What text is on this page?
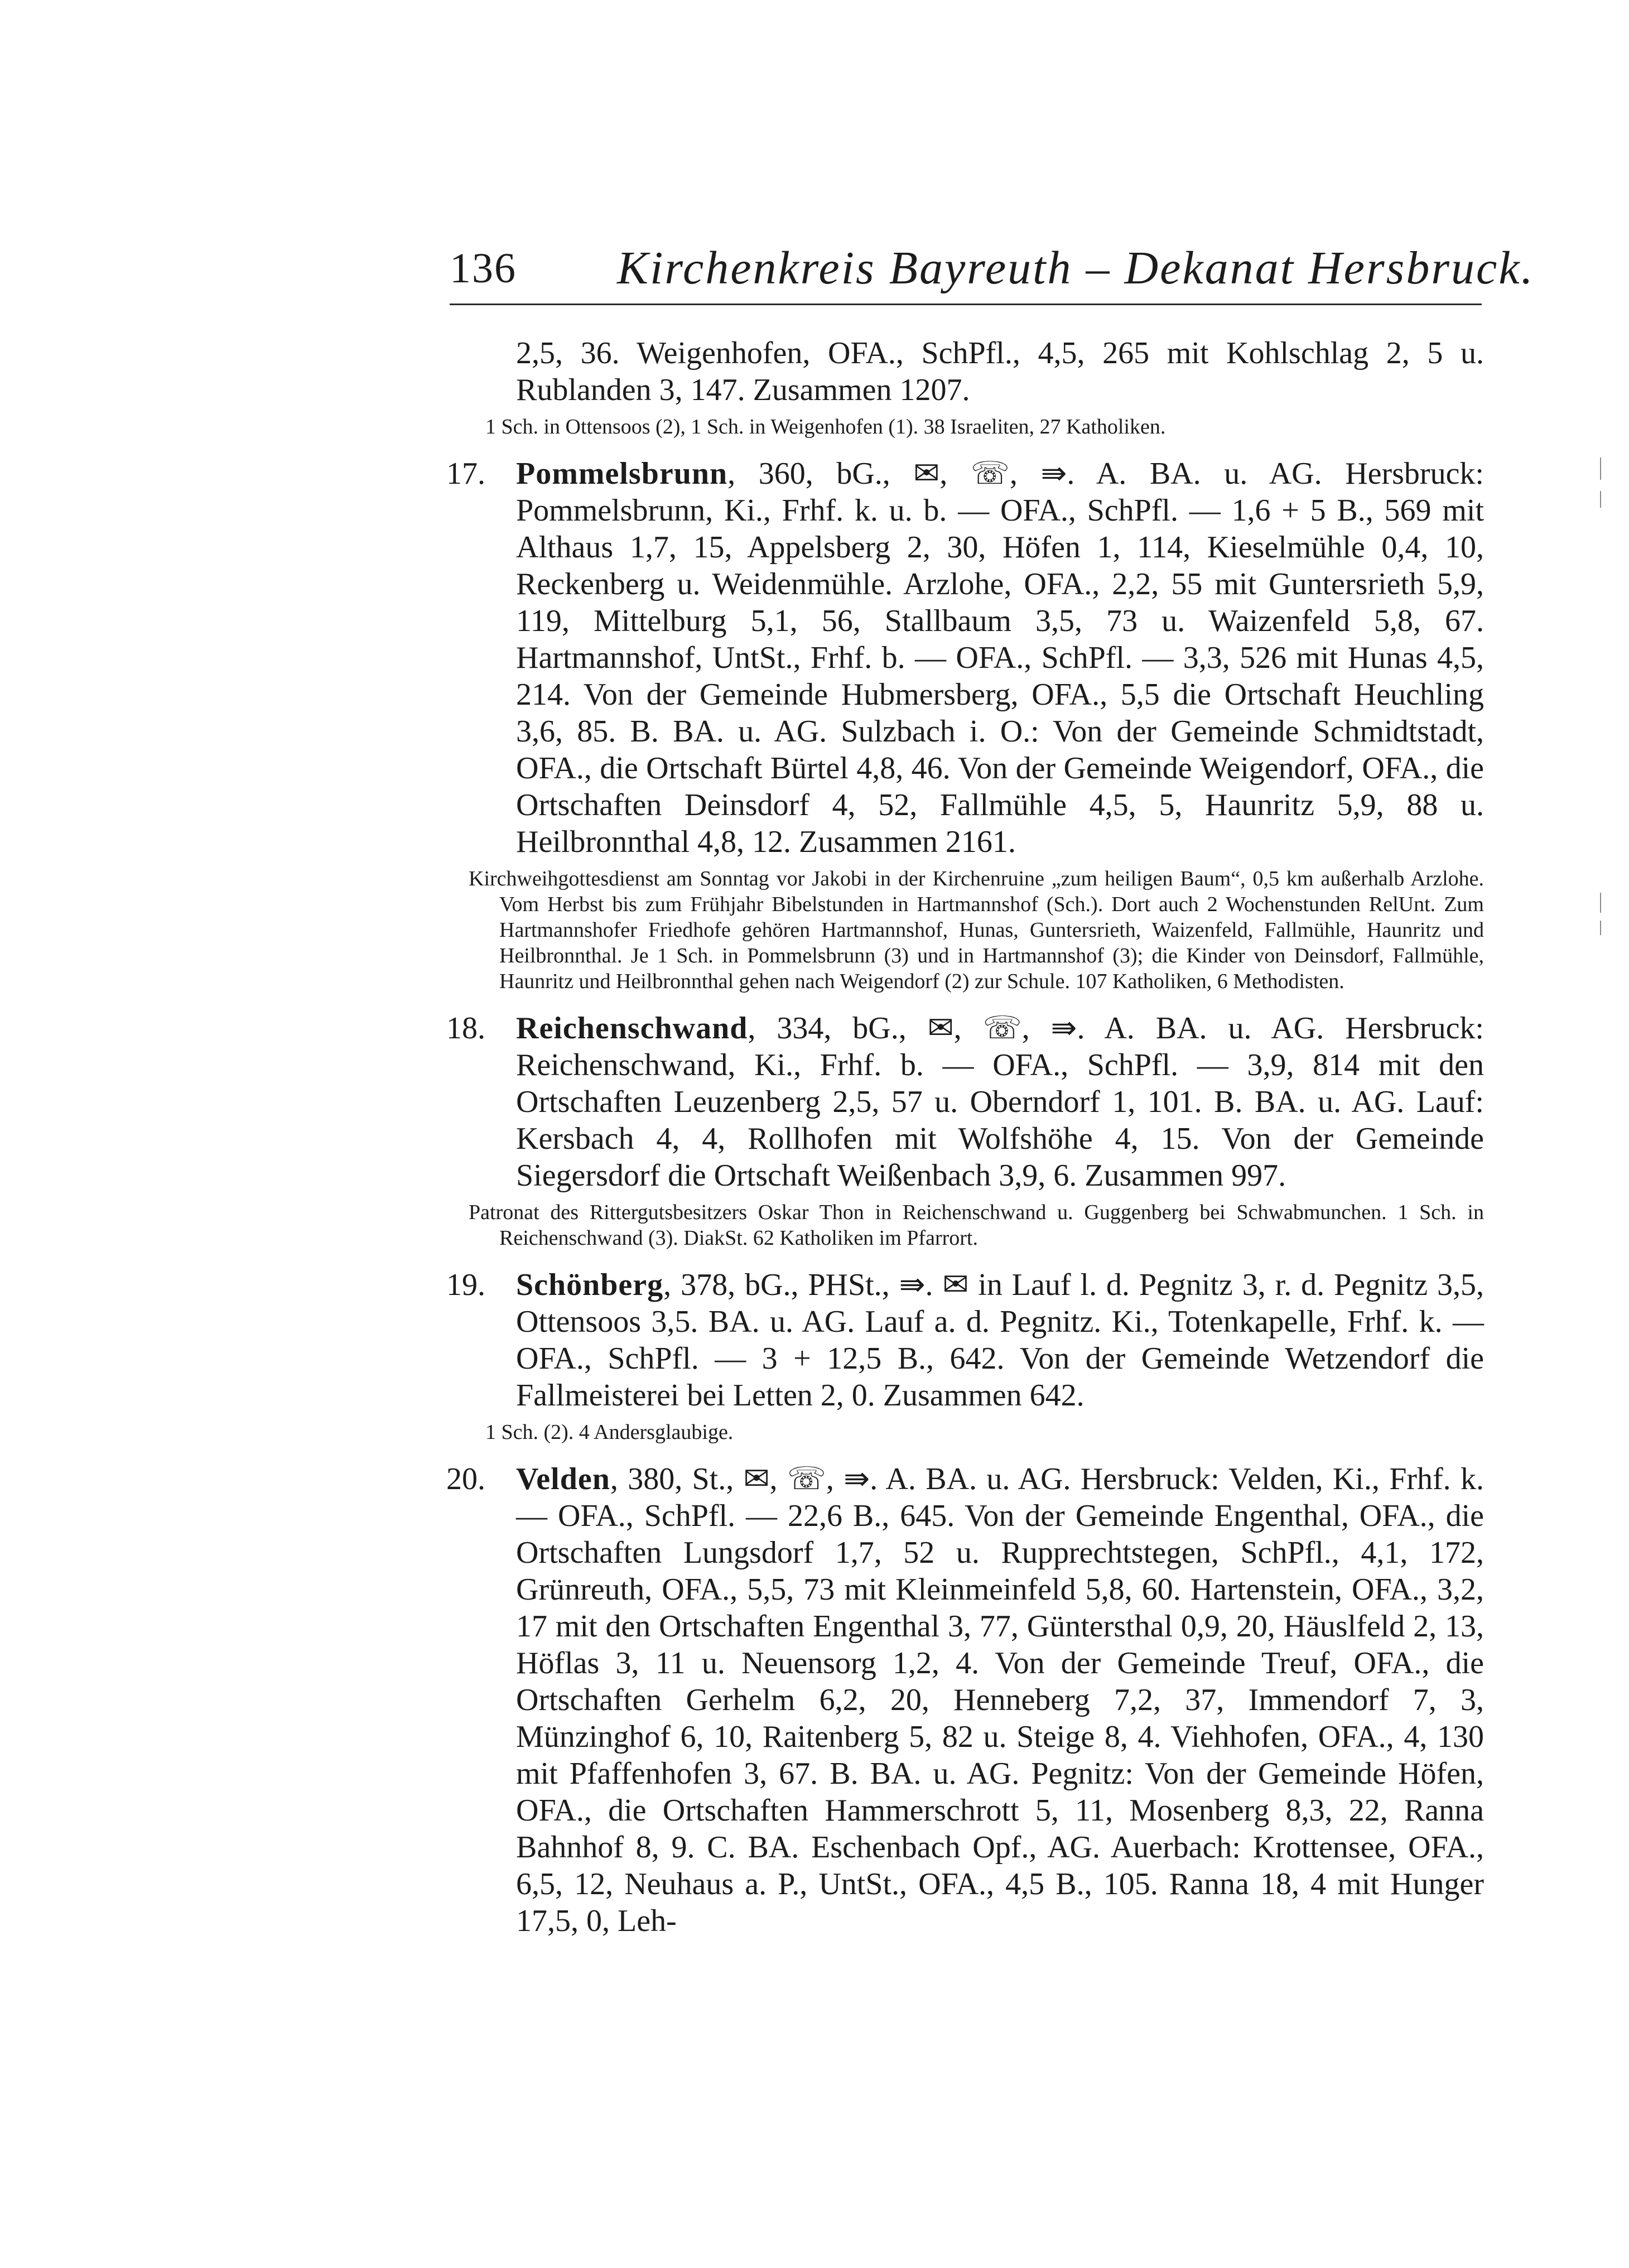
136 Kirchenkreis Bayreuth – Dekanat Hersbruck.

2,5, 36. Weigenhofen, OFA., SchPfl., 4,5, 265 mit Kohlschlag 2, 5 u. Rublanden 3, 147. Zusammen 1207.

1 Sch. in Ottensoos (2), 1 Sch. in Weigenhofen (1). 38 Israeliten, 27 Katholiken.

17. Pommelsbrunn, 360, bG., ✉, ☏, ⇛. A. BA. u. AG. Hersbruck: Pommelsbrunn, Ki., Frhf. k. u. b. — OFA., SchPfl. — 1,6 + 5 B., 569 mit Althaus 1,7, 15, Appelsberg 2, 30, Höfen 1, 114, Kieselmühle 0,4, 10, Reckenberg u. Weidenmühle. Arzlohe, OFA., 2,2, 55 mit Guntersrieth 5,9, 119, Mittelburg 5,1, 56, Stallbaum 3,5, 73 u. Waizenfeld 5,8, 67. Hartmannshof, UntSt., Frhf. b. — OFA., SchPfl. — 3,3, 526 mit Hunas 4,5, 214. Von der Gemeinde Hubmersberg, OFA., 5,5 die Ortschaft Heuchling 3,6, 85. B. BA. u. AG. Sulzbach i. O.: Von der Gemeinde Schmidtstadt, OFA., die Ortschaft Bürtel 4,8, 46. Von der Gemeinde Weigendorf, OFA., die Ortschaften Deinsdorf 4, 52, Fallmühle 4,5, 5, Haunritz 5,9, 88 u. Heilbronnthal 4,8, 12. Zusammen 2161.

Kirchweihgottesdienst am Sonntag vor Jakobi in der Kirchenruine „zum heiligen Baum“, 0,5 km außerhalb Arzlohe. Vom Herbst bis zum Frühjahr Bibelstunden in Hartmannshof (Sch.). Dort auch 2 Wochenstunden RelUnt. Zum Hartmannshofer Friedhofe gehören Hartmannshof, Hunas, Guntersrieth, Waizenfeld, Fallmühle, Haunritz und Heilbronnthal. Je 1 Sch. in Pommelsbrunn (3) und in Hartmannshof (3); die Kinder von Deinsdorf, Fallmühle, Haunritz und Heilbronnthal gehen nach Weigendorf (2) zur Schule. 107 Katholiken, 6 Methodisten.

18. Reichenschwand, 334, bG., ✉, ☏, ⇛. A. BA. u. AG. Hersbruck: Reichenschwand, Ki., Frhf. b. — OFA., SchPfl. — 3,9, 814 mit den Ortschaften Leuzenberg 2,5, 57 u. Oberndorf 1, 101. B. BA. u. AG. Lauf: Kersbach 4, 4, Rollhofen mit Wolfshöhe 4, 15. Von der Gemeinde Siegersdorf die Ortschaft Weißenbach 3,9, 6. Zusammen 997.

Patronat des Rittergutsbesitzers Oskar Thon in Reichenschwand u. Guggenberg bei Schwabmunchen. 1 Sch. in Reichenschwand (3). DiakSt. 62 Katholiken im Pfarrort.

19. Schönberg, 378, bG., PHSt., ⇛. ✉ in Lauf l. d. Pegnitz 3, r. d. Pegnitz 3,5, Ottensoos 3,5. BA. u. AG. Lauf a. d. Pegnitz. Ki., Totenkapelle, Frhf. k. — OFA., SchPfl. — 3 + 12,5 B., 642. Von der Gemeinde Wetzendorf die Fallmeisterei bei Letten 2, 0. Zusammen 642.

1 Sch. (2). 4 Andersglaubige.

20. Velden, 380, St., ✉, ☏, ⇛. A. BA. u. AG. Hersbruck: Velden, Ki., Frhf. k. — OFA., SchPfl. — 22,6 B., 645. Von der Gemeinde Engenthal, OFA., die Ortschaften Lungsdorf 1,7, 52 u. Rupprechtstegen, SchPfl., 4,1, 172, Grünreuth, OFA., 5,5, 73 mit Kleinmeinfeld 5,8, 60. Hartenstein, OFA., 3,2, 17 mit den Ortschaften Engenthal 3, 77, Güntersthal 0,9, 20, Häuslfeld 2, 13, Höflas 3, 11 u. Neuensorg 1,2, 4. Von der Gemeinde Treuf, OFA., die Ortschaften Gerhelm 6,2, 20, Henneberg 7,2, 37, Immendorf 7, 3, Münzinghof 6, 10, Raitenberg 5, 82 u. Steige 8, 4. Viehhofen, OFA., 4, 130 mit Pfaffenhofen 3, 67. B. BA. u. AG. Pegnitz: Von der Gemeinde Höfen, OFA., die Ortschaften Hammerschrott 5, 11, Mosenberg 8,3, 22, Ranna Bahnhof 8, 9. C. BA. Eschenbach Opf., AG. Auerbach: Krottensee, OFA., 6,5, 12, Neuhaus a. P., UntSt., OFA., 4,5 B., 105. Ranna 18, 4 mit Hunger 17,5, 0, Leh-
